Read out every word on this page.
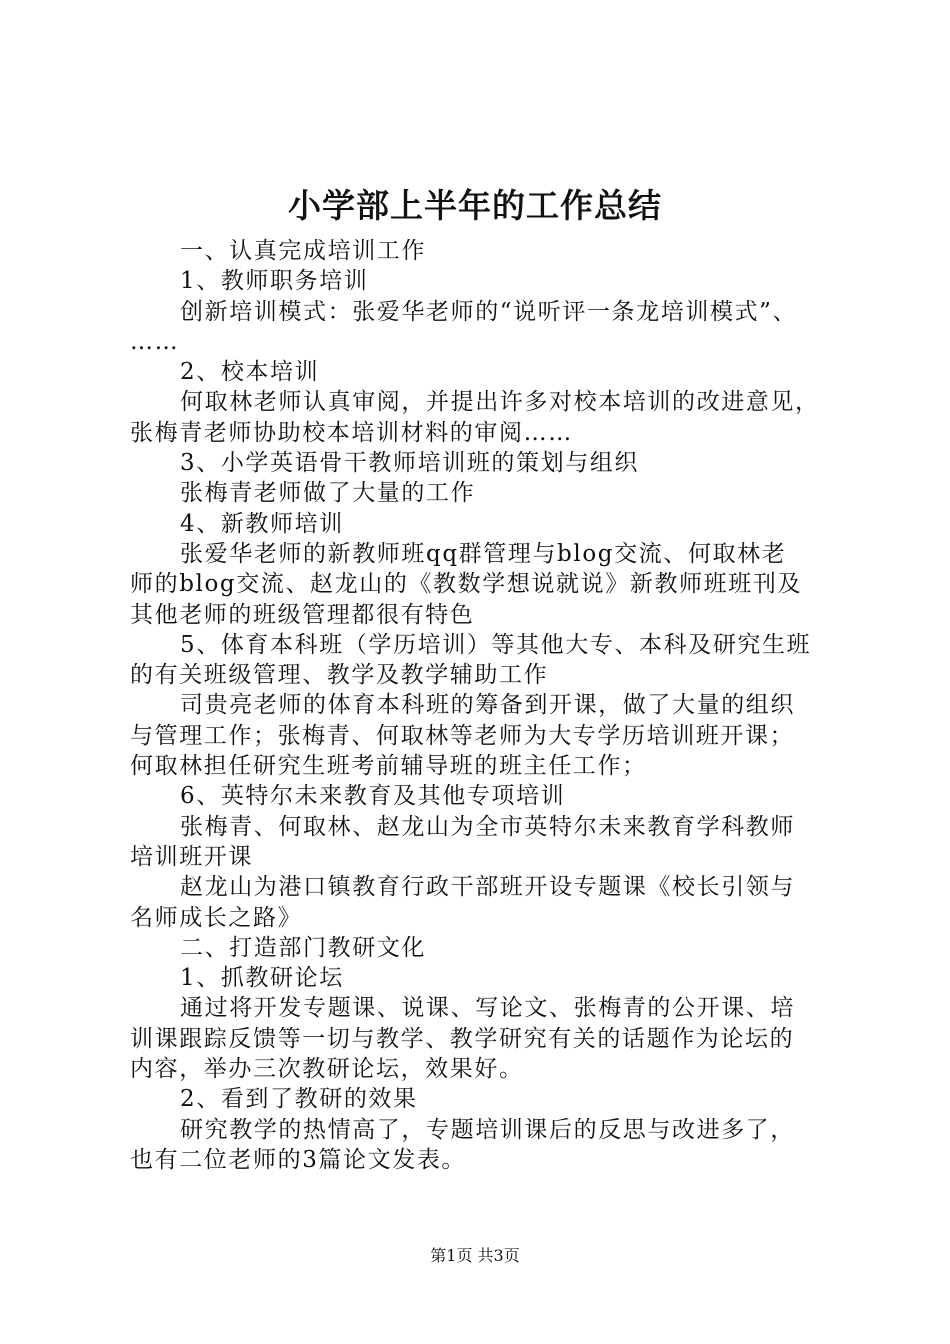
小学部上半年的工作总结
一、认真完成培训工作
1、教师职务培训
创新培训模式：张爱华老师的“说听评一条龙培训模式”、
……
2、校本培训
何取林老师认真审阅，并提出许多对校本培训的改进意见，
张梅青老师协助校本培训材料的审阅……
3、小学英语骨干教师培训班的策划与组织
张梅青老师做了大量的工作
4、新教师培训
张爱华老师的新教师班qq群管理与blog交流、何取林老
师的blog交流、赵龙山的《教数学想说就说》新教师班班刊及
其他老师的班级管理都很有特色
5、体育本科班（学历培训）等其他大专、本科及研究生班
的有关班级管理、教学及教学辅助工作
司贵亮老师的体育本科班的筹备到开课，做了大量的组织
与管理工作；张梅青、何取林等老师为大专学历培训班开课；
何取林担任研究生班考前辅导班的班主任工作；
6、英特尔未来教育及其他专项培训
张梅青、何取林、赵龙山为全市英特尔未来教育学科教师
培训班开课
赵龙山为港口镇教育行政干部班开设专题课《校长引领与
名师成长之路》
二、打造部门教研文化
1、抓教研论坛
通过将开发专题课、说课、写论文、张梅青的公开课、培
训课跟踪反馈等一切与教学、教学研究有关的话题作为论坛的
内容，举办三次教研论坛，效果好。
2、看到了教研的效果
研究教学的热情高了，专题培训课后的反思与改进多了，
也有二位老师的3篇论文发表。
第1页 共3页
